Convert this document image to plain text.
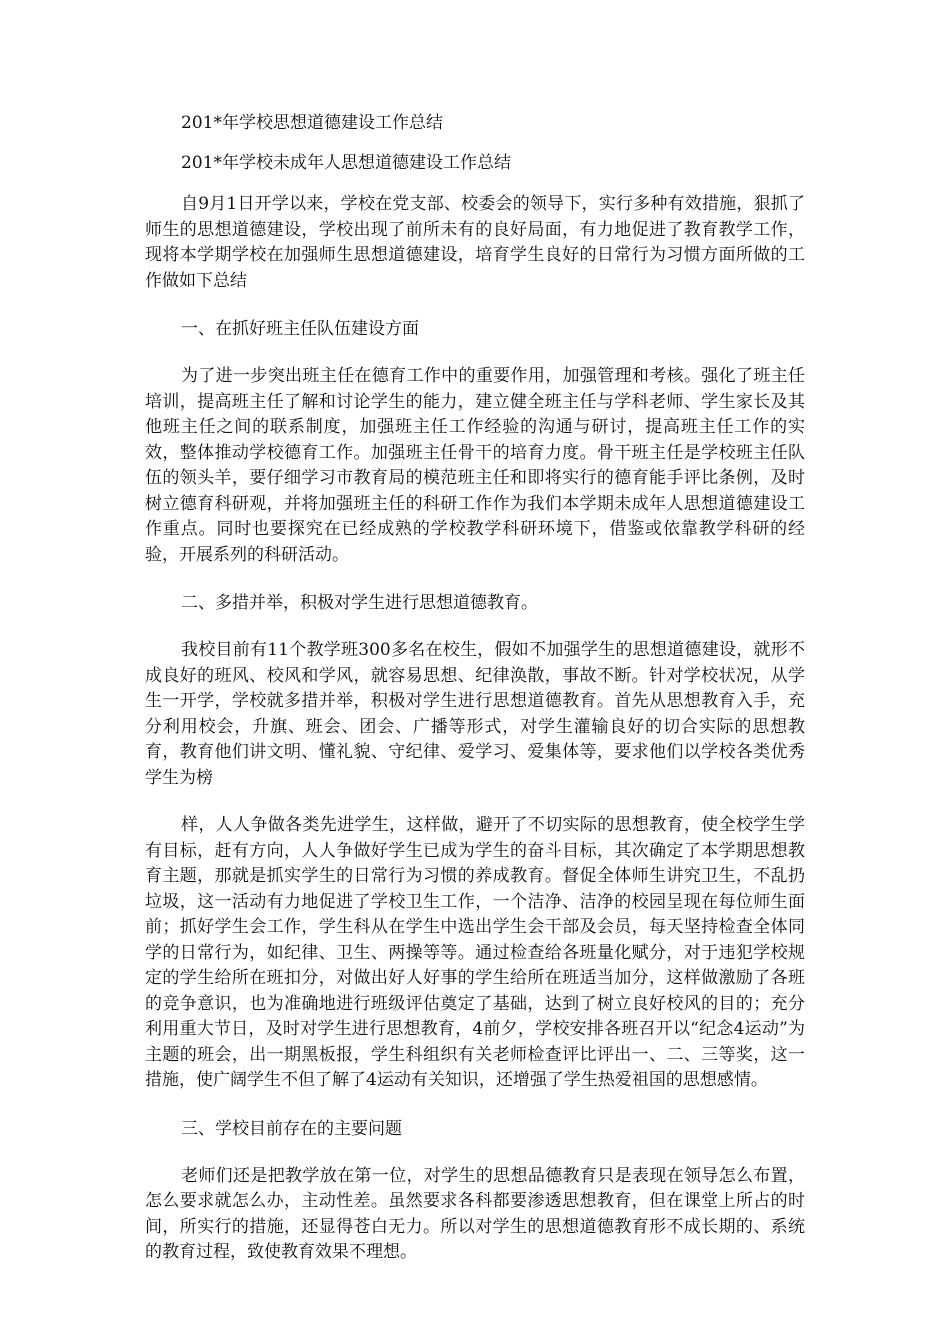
201*年学校思想道德建设工作总结
201*年学校未成年人思想道德建设工作总结

自9月1日开学以来，学校在党支部、校委会的领导下，实行多种有效措施，狠抓了师生的思想道德建设，学校出现了前所未有的良好局面，有力地促进了教育教学工作，现将本学期学校在加强师生思想道德建设，培育学生良好的日常行为习惯方面所做的工作做如下总结

一、在抓好班主任队伍建设方面

为了进一步突出班主任在德育工作中的重要作用，加强管理和考核。强化了班主任培训，提高班主任了解和讨论学生的能力，建立健全班主任与学科老师、学生家长及其他班主任之间的联系制度，加强班主任工作经验的沟通与研讨，提高班主任工作的实效，整体推动学校德育工作。加强班主任骨干的培育力度。骨干班主任是学校班主任队伍的领头羊，要仔细学习市教育局的模范班主任和即将实行的德育能手评比条例，及时树立德育科研观，并将加强班主任的科研工作作为我们本学期未成年人思想道德建设工作重点。同时也要探究在已经成熟的学校教学科研环境下，借鉴或依靠教学科研的经验，开展系列的科研活动。

二、多措并举，积极对学生进行思想道德教育。

我校目前有11个教学班300多名在校生，假如不加强学生的思想道德建设，就形不成良好的班风、校风和学风，就容易思想、纪律涣散，事故不断。针对学校状况，从学生一开学，学校就多措并举，积极对学生进行思想道德教育。首先从思想教育入手，充分利用校会，升旗、班会、团会、广播等形式，对学生灌输良好的切合实际的思想教育，教育他们讲文明、懂礼貌、守纪律、爱学习、爱集体等，要求他们以学校各类优秀学生为榜

样，人人争做各类先进学生，这样做，避开了不切实际的思想教育，使全校学生学有目标，赶有方向，人人争做好学生已成为学生的奋斗目标，其次确定了本学期思想教育主题，那就是抓实学生的日常行为习惯的养成教育。督促全体师生讲究卫生，不乱扔垃圾，这一活动有力地促进了学校卫生工作，一个洁净、洁净的校园呈现在每位师生面前；抓好学生会工作，学生科从在学生中选出学生会干部及会员，每天坚持检查全体同学的日常行为，如纪律、卫生、两操等等。通过检查给各班量化赋分，对于违犯学校规定的学生给所在班扣分，对做出好人好事的学生给所在班适当加分，这样做激励了各班的竞争意识，也为准确地进行班级评估奠定了基础，达到了树立良好校风的目的；充分利用重大节日，及时对学生进行思想教育，4前夕，学校安排各班召开以“纪念4运动”为主题的班会，出一期黑板报，学生科组织有关老师检查评比评出一、二、三等奖，这一措施，使广阔学生不但了解了4运动有关知识，还增强了学生热爱祖国的思想感情。

三、学校目前存在的主要问题

老师们还是把教学放在第一位，对学生的思想品德教育只是表现在领导怎么布置，怎么要求就怎么办，主动性差。虽然要求各科都要渗透思想教育，但在课堂上所占的时间，所实行的措施，还显得苍白无力。所以对学生的思想道德教育形不成长期的、系统的教育过程，致使教育效果不理想。
